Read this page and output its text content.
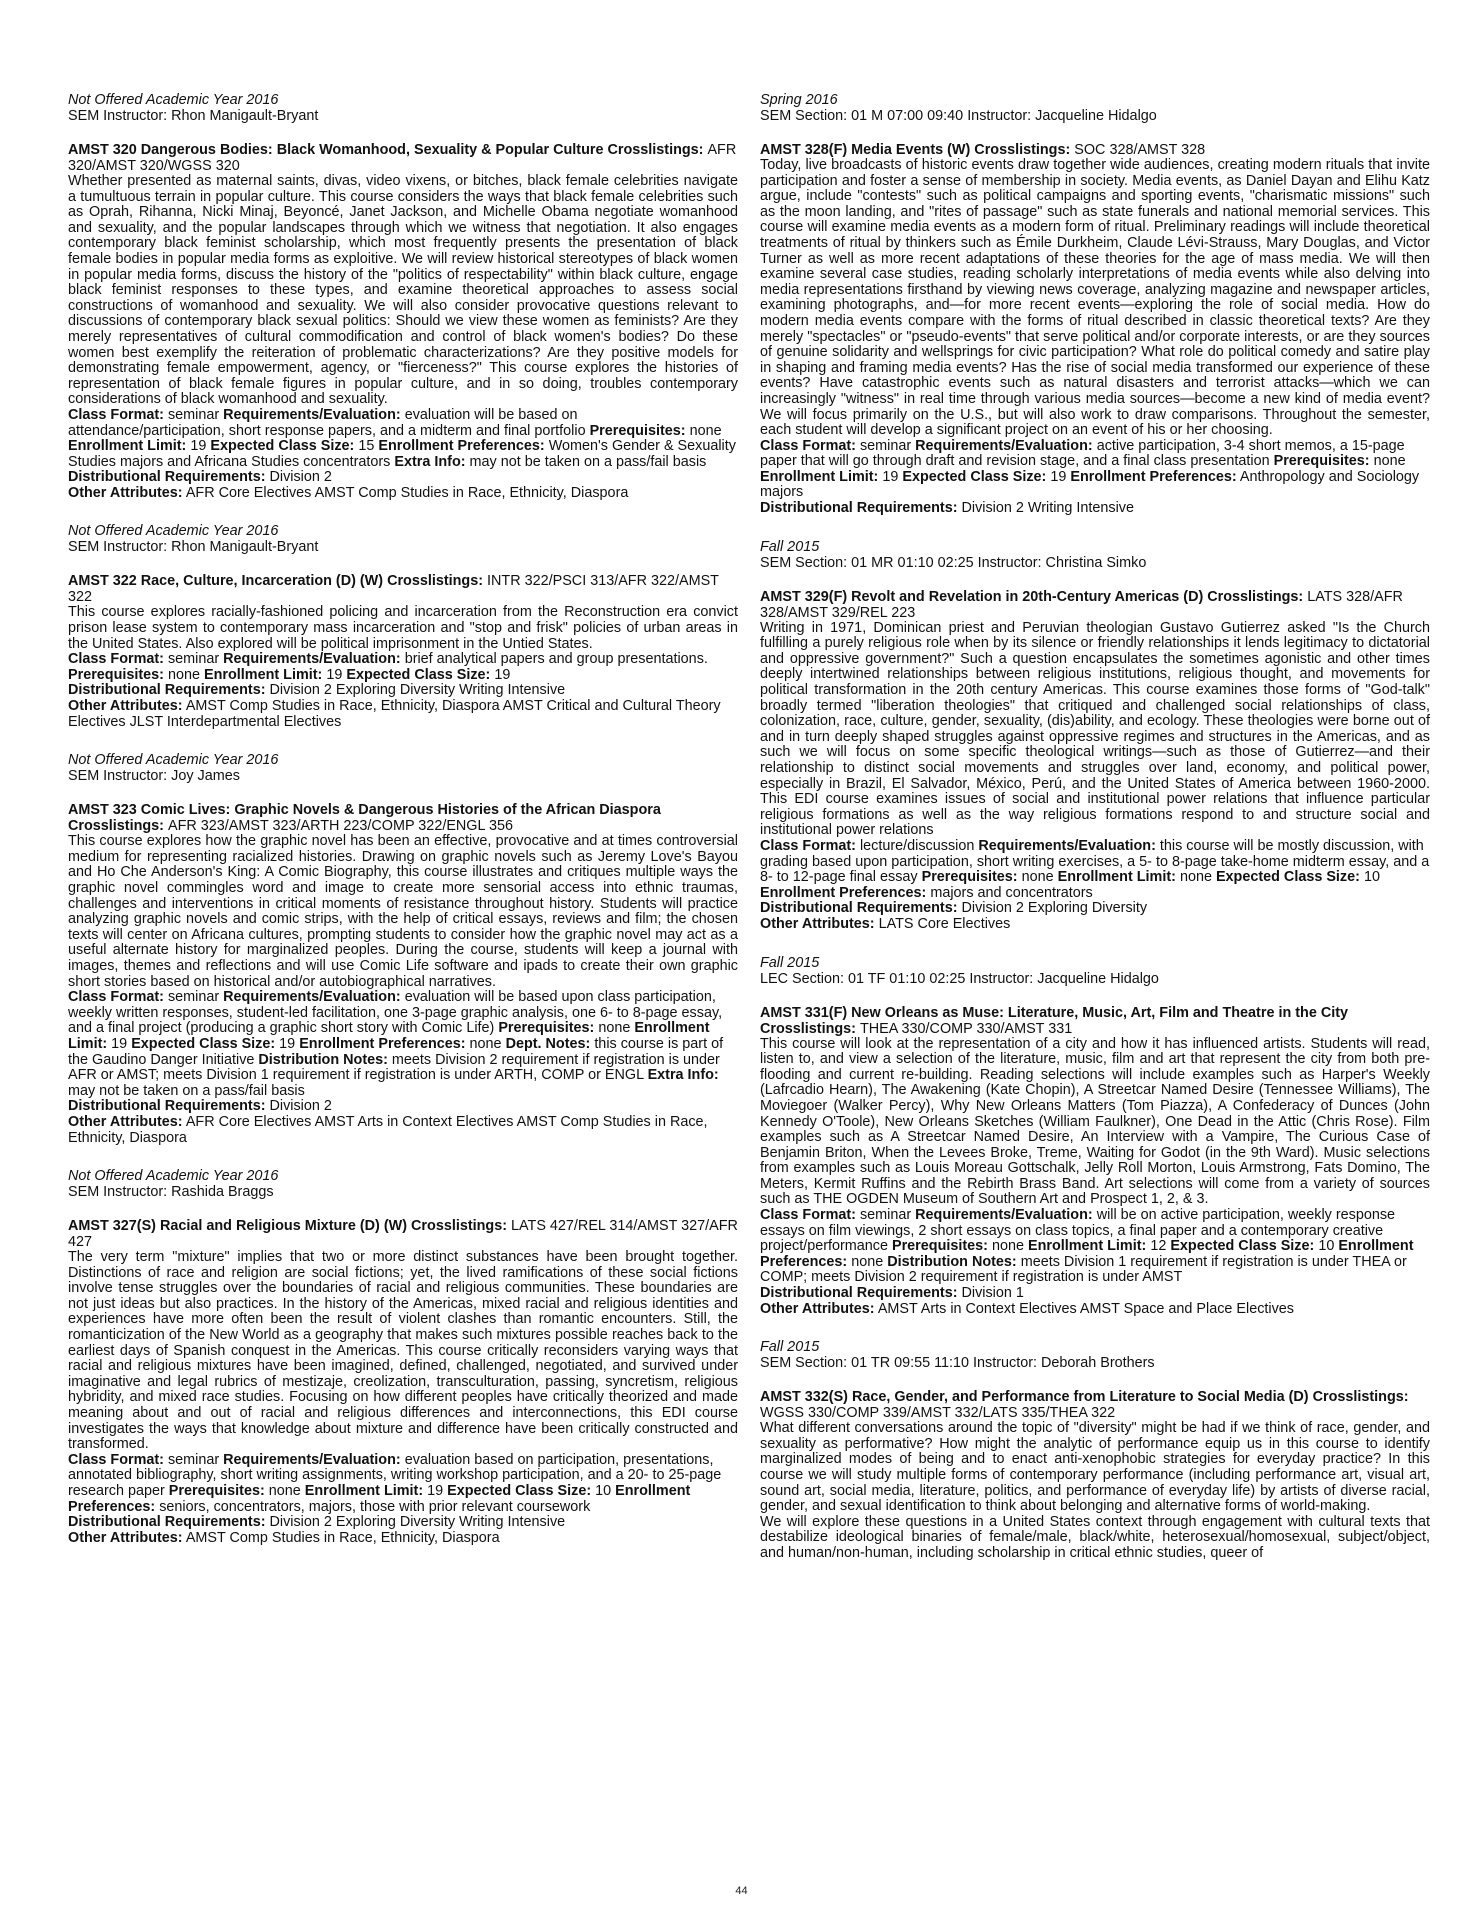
Not Offered Academic Year 2016
SEM Instructor: Rhon Manigault-Bryant
AMST 320 Dangerous Bodies: Black Womanhood, Sexuality & Popular Culture Crosslistings: AFR 320/AMST 320/WGSS 320
Whether presented as maternal saints, divas, video vixens, or bitches, black female celebrities navigate a tumultuous terrain in popular culture. This course considers the ways that black female celebrities such as Oprah, Rihanna, Nicki Minaj, Beyoncé, Janet Jackson, and Michelle Obama negotiate womanhood and sexuality, and the popular landscapes through which we witness that negotiation. It also engages contemporary black feminist scholarship, which most frequently presents the presentation of black female bodies in popular media forms as exploitive. We will review historical stereotypes of black women in popular media forms, discuss the history of the "politics of respectability" within black culture, engage black feminist responses to these types, and examine theoretical approaches to assess social constructions of womanhood and sexuality. We will also consider provocative questions relevant to discussions of contemporary black sexual politics: Should we view these women as feminists? Are they merely representatives of cultural commodification and control of black women's bodies? Do these women best exemplify the reiteration of problematic characterizations? Are they positive models for demonstrating female empowerment, agency, or "fierceness?" This course explores the histories of representation of black female figures in popular culture, and in so doing, troubles contemporary considerations of black womanhood and sexuality.
Class Format: seminar Requirements/Evaluation: evaluation will be based on attendance/participation, short response papers, and a midterm and final portfolio Prerequisites: none Enrollment Limit: 19 Expected Class Size: 15 Enrollment Preferences: Women's Gender & Sexuality Studies majors and Africana Studies concentrators Extra Info: may not be taken on a pass/fail basis
Distributional Requirements: Division 2
Other Attributes: AFR Core Electives AMST Comp Studies in Race, Ethnicity, Diaspora
Not Offered Academic Year 2016
SEM Instructor: Rhon Manigault-Bryant
AMST 322 Race, Culture, Incarceration (D) (W) Crosslistings: INTR 322/PSCI 313/AFR 322/AMST 322
This course explores racially-fashioned policing and incarceration from the Reconstruction era convict prison lease system to contemporary mass incarceration and "stop and frisk" policies of urban areas in the United States. Also explored will be political imprisonment in the Untied States.
Class Format: seminar Requirements/Evaluation: brief analytical papers and group presentations. Prerequisites: none Enrollment Limit: 19 Expected Class Size: 19
Distributional Requirements: Division 2 Exploring Diversity Writing Intensive
Other Attributes: AMST Comp Studies in Race, Ethnicity, Diaspora AMST Critical and Cultural Theory Electives JLST Interdepartmental Electives
Not Offered Academic Year 2016
SEM Instructor: Joy James
AMST 323 Comic Lives: Graphic Novels & Dangerous Histories of the African Diaspora Crosslistings: AFR 323/AMST 323/ARTH 223/COMP 322/ENGL 356
This course explores how the graphic novel has been an effective, provocative and at times controversial medium for representing racialized histories. Drawing on graphic novels such as Jeremy Love's Bayou and Ho Che Anderson's King: A Comic Biography, this course illustrates and critiques multiple ways the graphic novel commingles word and image to create more sensorial access into ethnic traumas, challenges and interventions in critical moments of resistance throughout history. Students will practice analyzing graphic novels and comic strips, with the help of critical essays, reviews and film; the chosen texts will center on Africana cultures, prompting students to consider how the graphic novel may act as a useful alternate history for marginalized peoples. During the course, students will keep a journal with images, themes and reflections and will use Comic Life software and ipads to create their own graphic short stories based on historical and/or autobiographical narratives.
Class Format: seminar Requirements/Evaluation: evaluation will be based upon class participation, weekly written responses, student-led facilitation, one 3-page graphic analysis, one 6- to 8-page essay, and a final project (producing a graphic short story with Comic Life) Prerequisites: none Enrollment Limit: 19 Expected Class Size: 19 Enrollment Preferences: none Dept. Notes: this course is part of the Gaudino Danger Initiative Distribution Notes: meets Division 2 requirement if registration is under AFR or AMST; meets Division 1 requirement if registration is under ARTH, COMP or ENGL Extra Info: may not be taken on a pass/fail basis
Distributional Requirements: Division 2
Other Attributes: AFR Core Electives AMST Arts in Context Electives AMST Comp Studies in Race, Ethnicity, Diaspora
Not Offered Academic Year 2016
SEM Instructor: Rashida Braggs
AMST 327(S) Racial and Religious Mixture (D) (W) Crosslistings: LATS 427/REL 314/AMST 327/AFR 427
The very term "mixture" implies that two or more distinct substances have been brought together. Distinctions of race and religion are social fictions; yet, the lived ramifications of these social fictions involve tense struggles over the boundaries of racial and religious communities. These boundaries are not just ideas but also practices. In the history of the Americas, mixed racial and religious identities and experiences have more often been the result of violent clashes than romantic encounters. Still, the romanticization of the New World as a geography that makes such mixtures possible reaches back to the earliest days of Spanish conquest in the Americas. This course critically reconsiders varying ways that racial and religious mixtures have been imagined, defined, challenged, negotiated, and survived under imaginative and legal rubrics of mestizaje, creolization, transculturation, passing, syncretism, religious hybridity, and mixed race studies. Focusing on how different peoples have critically theorized and made meaning about and out of racial and religious differences and interconnections, this EDI course investigates the ways that knowledge about mixture and difference have been critically constructed and transformed.
Class Format: seminar Requirements/Evaluation: evaluation based on participation, presentations, annotated bibliography, short writing assignments, writing workshop participation, and a 20- to 25-page research paper Prerequisites: none Enrollment Limit: 19 Expected Class Size: 10 Enrollment Preferences: seniors, concentrators, majors, those with prior relevant coursework
Distributional Requirements: Division 2 Exploring Diversity Writing Intensive
Other Attributes: AMST Comp Studies in Race, Ethnicity, Diaspora
Spring 2016
SEM Section: 01 M 07:00 09:40 Instructor: Jacqueline Hidalgo
AMST 328(F) Media Events (W) Crosslistings: SOC 328/AMST 328
Today, live broadcasts of historic events draw together wide audiences, creating modern rituals that invite participation and foster a sense of membership in society. Media events, as Daniel Dayan and Elihu Katz argue, include "contests" such as political campaigns and sporting events, "charismatic missions" such as the moon landing, and "rites of passage" such as state funerals and national memorial services. This course will examine media events as a modern form of ritual. Preliminary readings will include theoretical treatments of ritual by thinkers such as Émile Durkheim, Claude Lévi-Strauss, Mary Douglas, and Victor Turner as well as more recent adaptations of these theories for the age of mass media. We will then examine several case studies, reading scholarly interpretations of media events while also delving into media representations firsthand by viewing news coverage, analyzing magazine and newspaper articles, examining photographs, and—for more recent events—exploring the role of social media. How do modern media events compare with the forms of ritual described in classic theoretical texts? Are they merely "spectacles" or "pseudo-events" that serve political and/or corporate interests, or are they sources of genuine solidarity and wellsprings for civic participation? What role do political comedy and satire play in shaping and framing media events? Has the rise of social media transformed our experience of these events? Have catastrophic events such as natural disasters and terrorist attacks—which we can increasingly "witness" in real time through various media sources—become a new kind of media event? We will focus primarily on the U.S., but will also work to draw comparisons. Throughout the semester, each student will develop a significant project on an event of his or her choosing.
Class Format: seminar Requirements/Evaluation: active participation, 3-4 short memos, a 15-page paper that will go through draft and revision stage, and a final class presentation Prerequisites: none Enrollment Limit: 19 Expected Class Size: 19 Enrollment Preferences: Anthropology and Sociology majors
Distributional Requirements: Division 2 Writing Intensive
Fall 2015
SEM Section: 01 MR 01:10 02:25 Instructor: Christina Simko
AMST 329(F) Revolt and Revelation in 20th-Century Americas (D) Crosslistings: LATS 328/AFR 328/AMST 329/REL 223
Writing in 1971, Dominican priest and Peruvian theologian Gustavo Gutierrez asked "Is the Church fulfilling a purely religious role when by its silence or friendly relationships it lends legitimacy to dictatorial and oppressive government?" Such a question encapsulates the sometimes agonistic and other times deeply intertwined relationships between religious institutions, religious thought, and movements for political transformation in the 20th century Americas. This course examines those forms of "God-talk" broadly termed "liberation theologies" that critiqued and challenged social relationships of class, colonization, race, culture, gender, sexuality, (dis)ability, and ecology. These theologies were borne out of and in turn deeply shaped struggles against oppressive regimes and structures in the Americas, and as such we will focus on some specific theological writings—such as those of Gutierrez—and their relationship to distinct social movements and struggles over land, economy, and political power, especially in Brazil, El Salvador, México, Perú, and the United States of America between 1960-2000. This EDI course examines issues of social and institutional power relations that influence particular religious formations as well as the way religious formations respond to and structure social and institutional power relations
Class Format: lecture/discussion Requirements/Evaluation: this course will be mostly discussion, with grading based upon participation, short writing exercises, a 5- to 8-page take-home midterm essay, and a 8- to 12-page final essay Prerequisites: none Enrollment Limit: none Expected Class Size: 10 Enrollment Preferences: majors and concentrators
Distributional Requirements: Division 2 Exploring Diversity
Other Attributes: LATS Core Electives
Fall 2015
LEC Section: 01 TF 01:10 02:25 Instructor: Jacqueline Hidalgo
AMST 331(F) New Orleans as Muse: Literature, Music, Art, Film and Theatre in the City Crosslistings: THEA 330/COMP 330/AMST 331
This course will look at the representation of a city and how it has influenced artists. Students will read, listen to, and view a selection of the literature, music, film and art that represent the city from both pre-flooding and current re-building. Reading selections will include examples such as Harper's Weekly (Lafrcadio Hearn), The Awakening (Kate Chopin), A Streetcar Named Desire (Tennessee Williams), The Moviegoer (Walker Percy), Why New Orleans Matters (Tom Piazza), A Confederacy of Dunces (John Kennedy O'Toole), New Orleans Sketches (William Faulkner), One Dead in the Attic (Chris Rose). Film examples such as A Streetcar Named Desire, An Interview with a Vampire, The Curious Case of Benjamin Briton, When the Levees Broke, Treme, Waiting for Godot (in the 9th Ward). Music selections from examples such as Louis Moreau Gottschalk, Jelly Roll Morton, Louis Armstrong, Fats Domino, The Meters, Kermit Ruffins and the Rebirth Brass Band. Art selections will come from a variety of sources such as THE OGDEN Museum of Southern Art and Prospect 1, 2, & 3.
Class Format: seminar Requirements/Evaluation: will be on active participation, weekly response essays on film viewings, 2 short essays on class topics, a final paper and a contemporary creative project/performance Prerequisites: none Enrollment Limit: 12 Expected Class Size: 10 Enrollment Preferences: none Distribution Notes: meets Division 1 requirement if registration is under THEA or COMP; meets Division 2 requirement if registration is under AMST
Distributional Requirements: Division 1
Other Attributes: AMST Arts in Context Electives AMST Space and Place Electives
Fall 2015
SEM Section: 01 TR 09:55 11:10 Instructor: Deborah Brothers
AMST 332(S) Race, Gender, and Performance from Literature to Social Media (D) Crosslistings: WGSS 330/COMP 339/AMST 332/LATS 335/THEA 322
What different conversations around the topic of "diversity" might be had if we think of race, gender, and sexuality as performative? How might the analytic of performance equip us in this course to identify marginalized modes of being and to enact anti-xenophobic strategies for everyday practice? In this course we will study multiple forms of contemporary performance (including performance art, visual art, sound art, social media, literature, politics, and performance of everyday life) by artists of diverse racial, gender, and sexual identification to think about belonging and alternative forms of world-making.
We will explore these questions in a United States context through engagement with cultural texts that destabilize ideological binaries of female/male, black/white, heterosexual/homosexual, subject/object, and human/non-human, including scholarship in critical ethnic studies, queer of
44
